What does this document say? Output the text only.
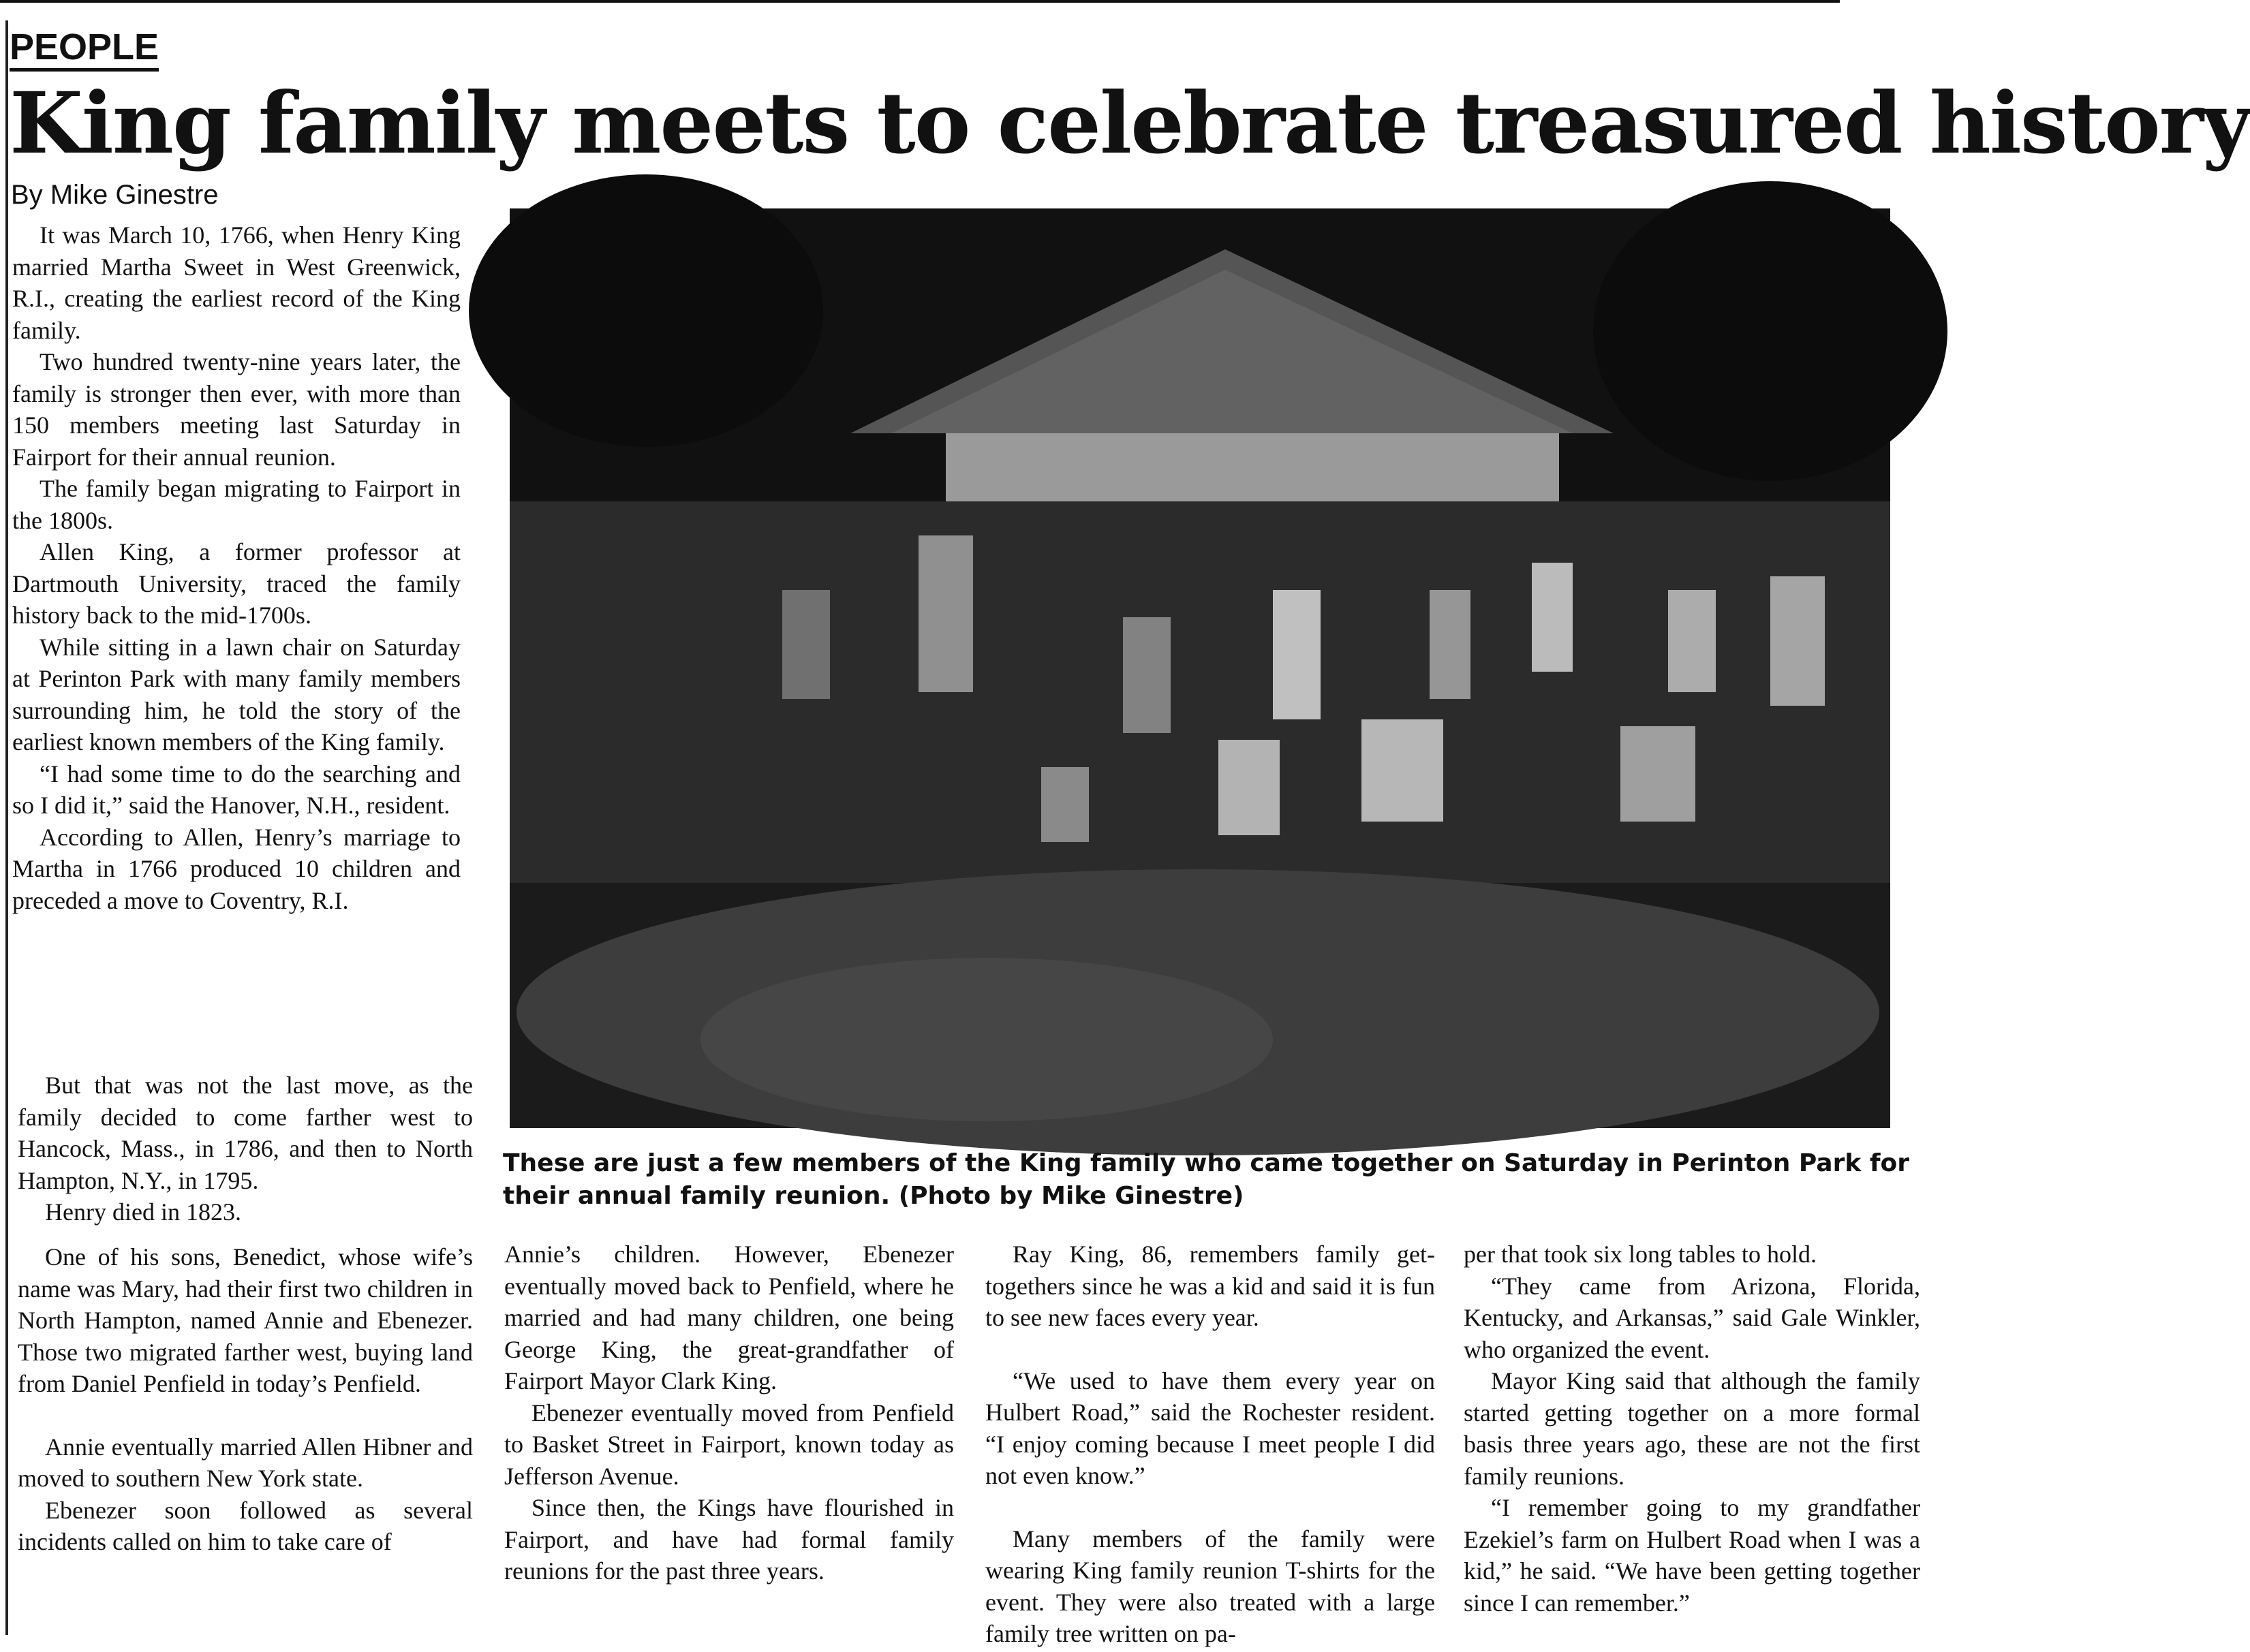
PEOPLE
King family meets to celebrate treasured history
By Mike Ginestre

It was March 10, 1766, when Henry King married Martha Sweet in West Greenwick, R.I., creating the earliest record of the King family.

Two hundred twenty-nine years later, the family is stronger then ever, with more than 150 members meeting last Saturday in Fairport for their annual reunion.

The family began migrating to Fairport in the 1800s.

Allen King, a former professor at Dartmouth University, traced the family history back to the mid-1700s.

While sitting in a lawn chair on Saturday at Perinton Park with many family members surrounding him, he told the story of the earliest known members of the King family.

“I had some time to do the searching and so I did it,” said the Hanover, N.H., resident.

According to Allen, Henry’s marriage to Martha in 1766 produced 10 children and preceded a move to Coventry, R.I.

But that was not the last move, as the family decided to come farther west to Hancock, Mass., in 1786, and then to North Hampton, N.Y., in 1795.

Henry died in 1823.

One of his sons, Benedict, whose wife’s name was Mary, had their first two children in North Hampton, named Annie and Ebenezer. Those two migrated farther west, buying land from Daniel Penfield in today’s Penfield.

Annie eventually married Allen Hibner and moved to southern New York state.

Ebenezer soon followed as several incidents called on him to take care of

These are just a few members of the King family who came together on Saturday in Perinton Park for their annual family reunion. (Photo by Mike Ginestre)

Annie’s children. However, Ebenezer eventually moved back to Penfield, where he married and had many children, one being George King, the great-grandfather of Fairport Mayor Clark King.

Ebenezer eventually moved from Penfield to Basket Street in Fairport, known today as Jefferson Avenue.

Since then, the Kings have flourished in Fairport, and have had formal family reunions for the past three years.

Ray King, 86, remembers family get-togethers since he was a kid and said it is fun to see new faces every year.

“We used to have them every year on Hulbert Road,” said the Rochester resident. “I enjoy coming because I meet people I did not even know.”

Many members of the family were wearing King family reunion T-shirts for the event. They were also treated with a large family tree written on pa-

per that took six long tables to hold.

“They came from Arizona, Florida, Kentucky, and Arkansas,” said Gale Winkler, who organized the event.

Mayor King said that although the family started getting together on a more formal basis three years ago, these are not the first family reunions.

“I remember going to my grandfather Ezekiel’s farm on Hulbert Road when I was a kid,” he said. “We have been getting together since I can remember.”
